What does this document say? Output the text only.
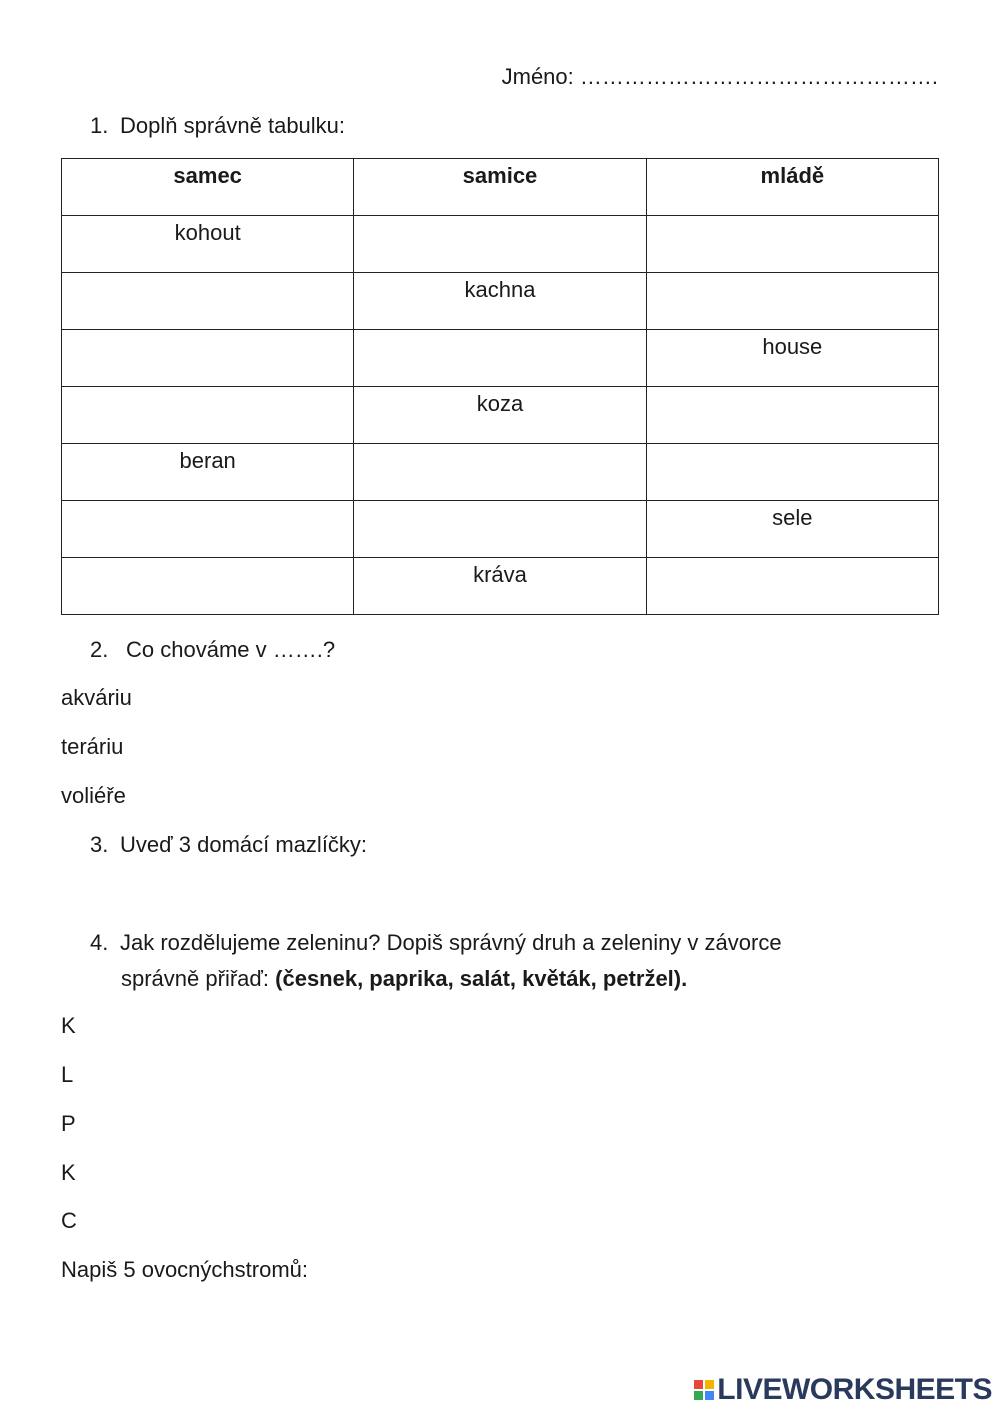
Jméno: ………………………………………….
1. Doplň správně tabulku:
samec	samice	mládě
kohout		
	kachna	
		house
	koza	
beran		
		sele
	kráva	
2. Co chováme v …….?
akváriu
teráriu
voliéře
3. Uveď 3 domácí mazlíčky:
4. Jak rozdělujeme zeleninu? Dopiš správný druh a zeleniny v závorce
správně přiřaď: (česnek, paprika, salát, květák, petržel).
K
L
P
K
C
Napiš 5 ovocnýchstromů:
LIVEWORKSHEETS
